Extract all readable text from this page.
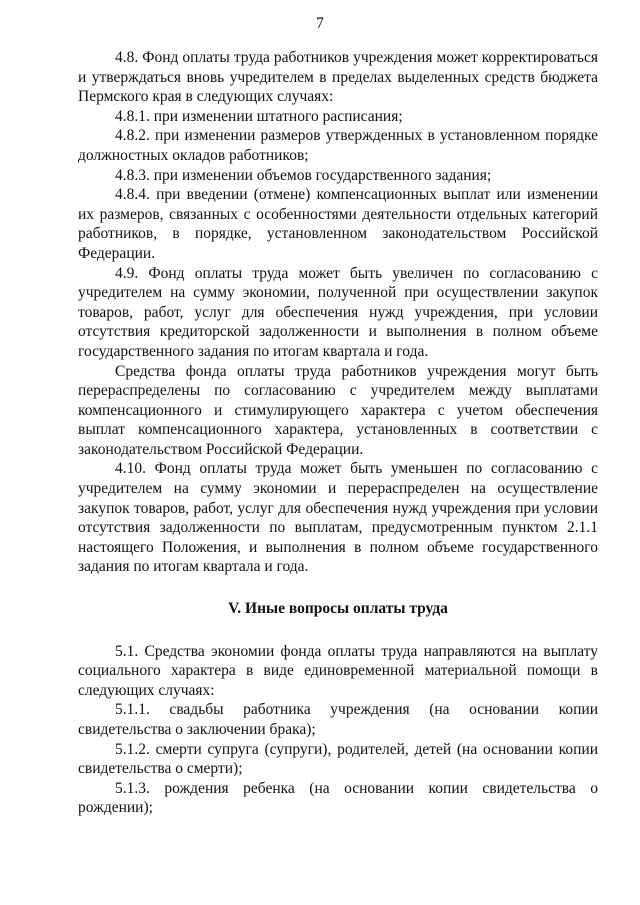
7

4.8. Фонд оплаты труда работников учреждения может корректироваться и утверждаться вновь учредителем в пределах выделенных средств бюджета Пермского края в следующих случаях:

4.8.1. при изменении штатного расписания;

4.8.2. при изменении размеров утвержденных в установленном порядке должностных окладов работников;

4.8.3. при изменении объемов государственного задания;

4.8.4. при введении (отмене) компенсационных выплат или изменении их размеров, связанных с особенностями деятельности отдельных категорий работников, в порядке, установленном законодательством Российской Федерации.

4.9. Фонд оплаты труда может быть увеличен по согласованию с учредителем на сумму экономии, полученной при осуществлении закупок товаров, работ, услуг для обеспечения нужд учреждения, при условии отсутствия кредиторской задолженности и выполнения в полном объеме государственного задания по итогам квартала и года.

Средства фонда оплаты труда работников учреждения могут быть перераспределены по согласованию с учредителем между выплатами компенсационного и стимулирующего характера с учетом обеспечения выплат компенсационного характера, установленных в соответствии с законодательством Российской Федерации.

4.10. Фонд оплаты труда может быть уменьшен по согласованию с учредителем на сумму экономии и перераспределен на осуществление закупок товаров, работ, услуг для обеспечения нужд учреждения при условии отсутствия задолженности по выплатам, предусмотренным пунктом 2.1.1 настоящего Положения, и выполнения в полном объеме государственного задания по итогам квартала и года.

V. Иные вопросы оплаты труда

5.1. Средства экономии фонда оплаты труда направляются на выплату социального характера в виде единовременной материальной помощи в следующих случаях:

5.1.1. свадьбы работника учреждения (на основании копии свидетельства о заключении брака);

5.1.2. смерти супруга (супруги), родителей, детей (на основании копии свидетельства о смерти);

5.1.3. рождения ребенка (на основании копии свидетельства о рождении);
